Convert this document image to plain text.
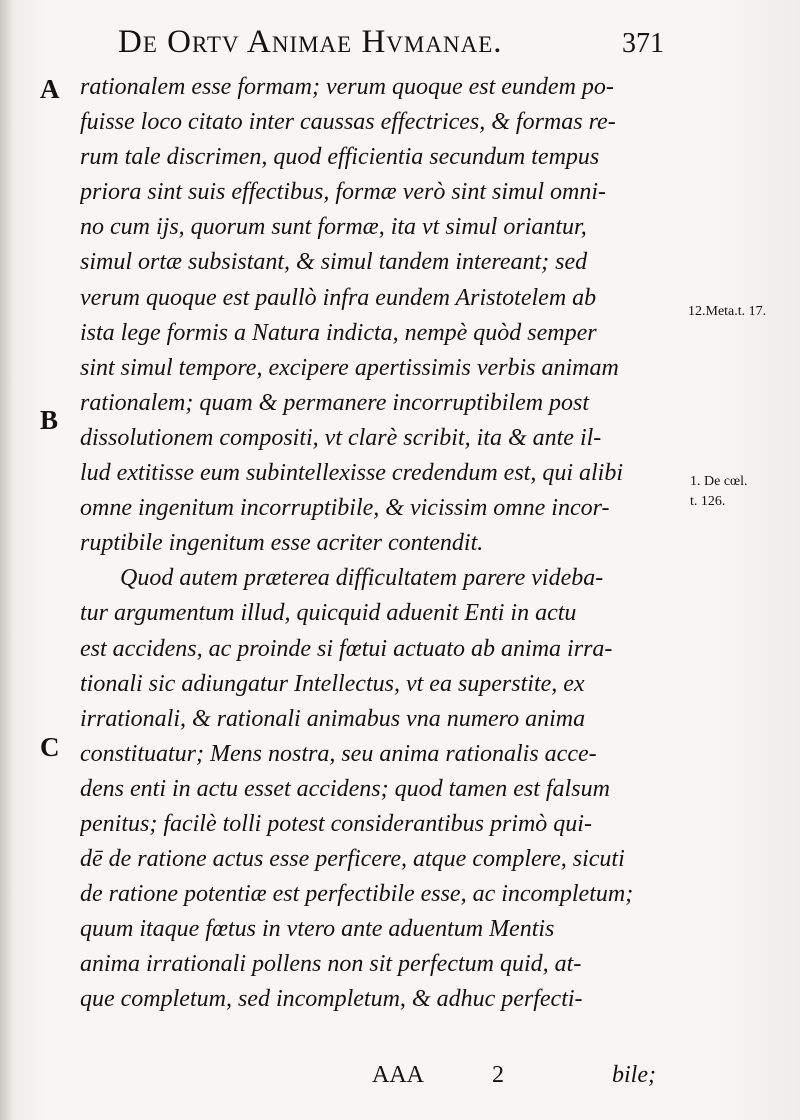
De Ortv Animae Hvmanae.	371
A
B
C
12.Meta.t. 17.
1. De cœl.
t. 126.
rationalem esse formam; verum quoque est eundem po-
fuisse loco citato inter caussas effectrices, & formas re-
rum tale discrimen, quod efficientia secundum tempus
priora sint suis effectibus, formæ verò sint simul omni-
no cum ijs, quorum sunt formæ, ita vt simul oriantur,
simul ortæ subsistant, & simul tandem intereant; sed
verum quoque est paullò infra eundem Aristotelem ab
ista lege formis a Natura indicta, nempè quòd semper
sint simul tempore, excipere apertissimis verbis animam
rationalem; quam & permanere incorruptibilem post
dissolutionem compositi, vt clarè scribit, ita & ante il-
lud extitisse eum subintellexisse credendum est, qui alibi
omne ingenitum incorruptibile, & vicissim omne incor-
ruptibile ingenitum esse acriter contendit.
Quod autem præterea difficultatem parere videba-
tur argumentum illud, quicquid aduenit Enti in actu
est accidens, ac proinde si fœtui actuato ab anima irra-
tionali sic adiungatur Intellectus, vt ea superstite, ex
irrationali, & rationali animabus vna numero anima
constituatur; Mens nostra, seu anima rationalis acce-
dens enti in actu esset accidens; quod tamen est falsum
penitus; facilè tolli potest considerantibus primò qui-
dē de ratione actus esse perficere, atque complere, sicuti
de ratione potentiæ est perfectibile esse, ac incompletum;
quum itaque fœtus in vtero ante aduentum Mentis
anima irrationali pollens non sit perfectum quid, at-
que completum, sed incompletum, & adhuc perfecti-
AAA	2	bile;
